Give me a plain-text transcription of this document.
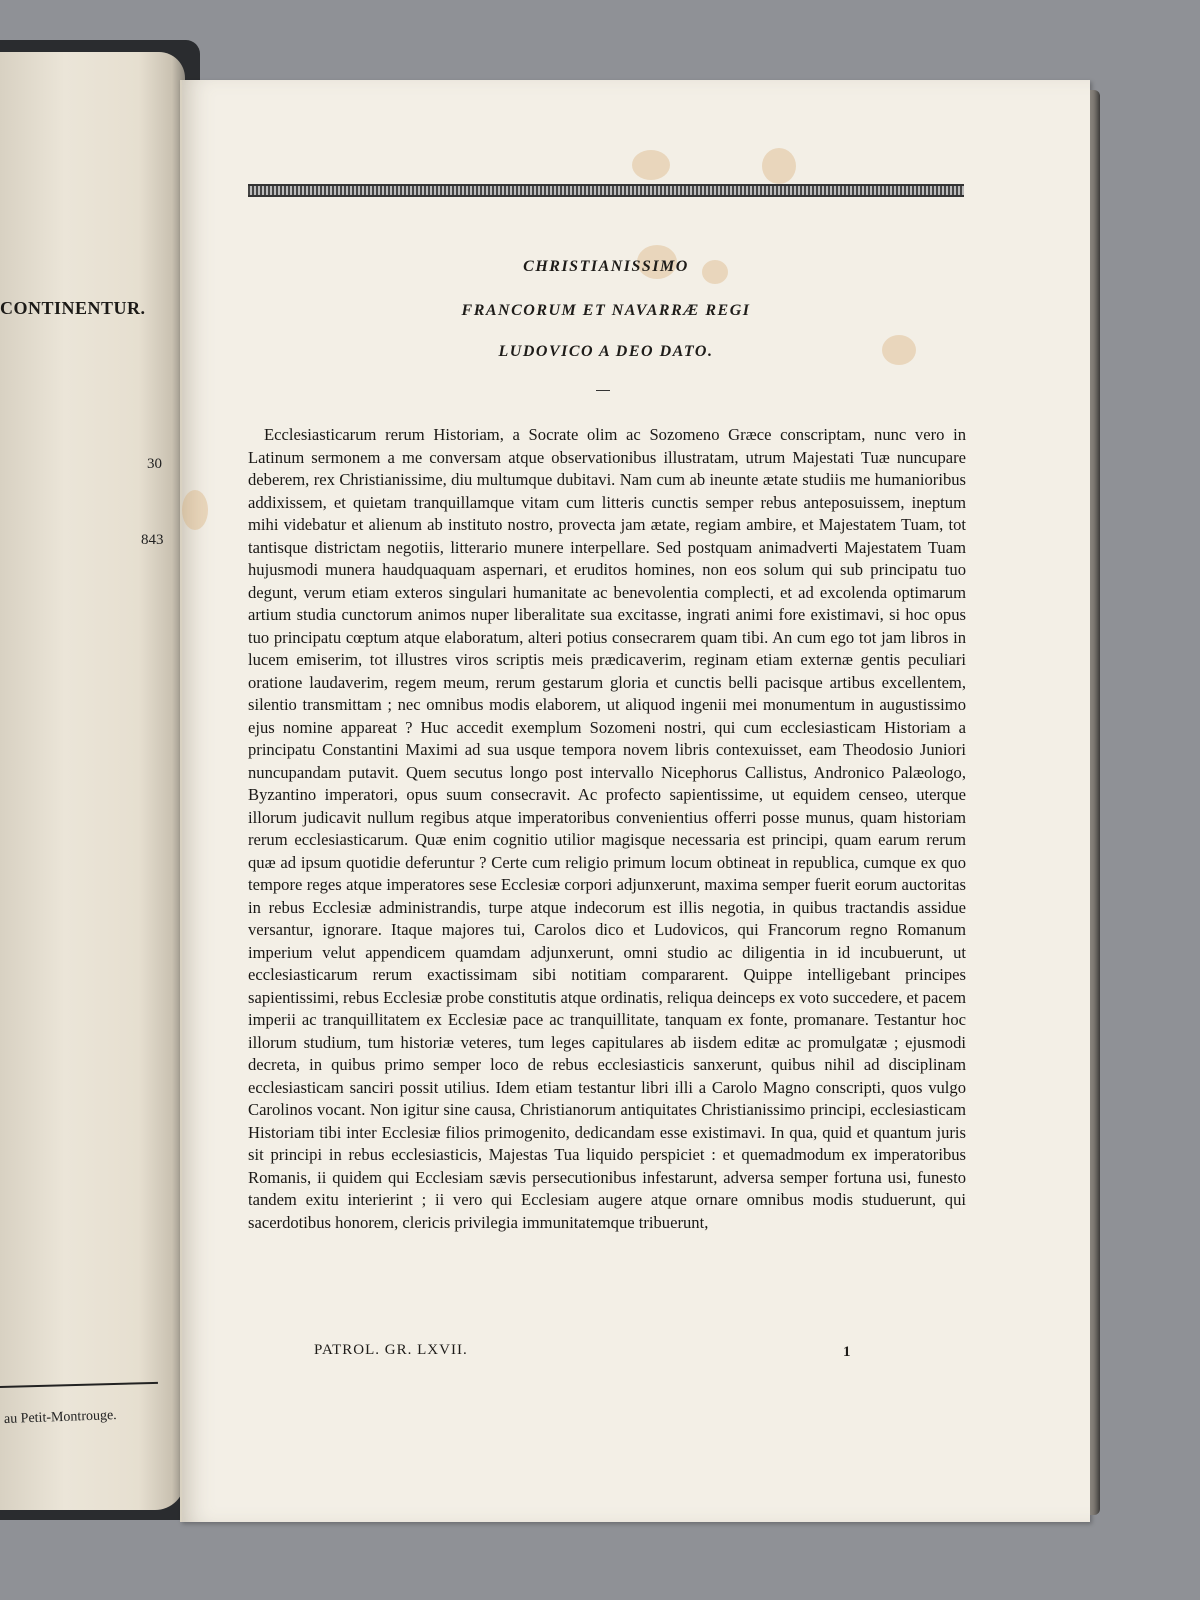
CONTINENTUR.
30
843
au Petit-Montrouge.
CHRISTIANISSIMO
FRANCORUM ET NAVARRÆ REGI
LUDOVICO A DEO DATO.

Ecclesiasticarum rerum Historiam, a Socrate olim ac Sozomeno Græce conscriptam, nunc vero in Latinum sermonem a me conversam atque observationibus illustratam, utrum Majestati Tuæ nuncupare deberem, rex Christianissime, diu multumque dubitavi. Nam cum ab ineunte ætate studiis me humanioribus addixissem, et quietam tranquillamque vitam cum litteris cunctis semper rebus anteposuissem, ineptum mihi videbatur et alienum ab instituto nostro, provecta jam ætate, regiam ambire, et Majestatem Tuam, tot tantisque districtam negotiis, litterario munere interpellare. Sed postquam animadverti Majestatem Tuam hujusmodi munera haudquaquam aspernari, et eruditos homines, non eos solum qui sub principatu tuo degunt, verum etiam exteros singulari humanitate ac benevolentia complecti, et ad excolenda optimarum artium studia cunctorum animos nuper liberalitate sua excitasse, ingrati animi fore existimavi, si hoc opus tuo principatu cœptum atque elaboratum, alteri potius consecrarem quam tibi. An cum ego tot jam libros in lucem emiserim, tot illustres viros scriptis meis prædicaverim, reginam etiam externæ gentis peculiari oratione laudaverim, regem meum, rerum gestarum gloria et cunctis belli pacisque artibus excellentem, silentio transmittam ; nec omnibus modis elaborem, ut aliquod ingenii mei monumentum in augustissimo ejus nomine appareat ? Huc accedit exemplum Sozomeni nostri, qui cum ecclesiasticam Historiam a principatu Constantini Maximi ad sua usque tempora novem libris contexuisset, eam Theodosio Juniori nuncupandam putavit. Quem secutus longo post intervallo Nicephorus Callistus, Andronico Palæologo, Byzantino imperatori, opus suum consecravit. Ac profecto sapientissime, ut equidem censeo, uterque illorum judicavit nullum regibus atque imperatoribus convenientius offerri posse munus, quam historiam rerum ecclesiasticarum. Quæ enim cognitio utilior magisque necessaria est principi, quam earum rerum quæ ad ipsum quotidie deferuntur ? Certe cum religio primum locum obtineat in republica, cumque ex quo tempore reges atque imperatores sese Ecclesiæ corpori adjunxerunt, maxima semper fuerit eorum auctoritas in rebus Ecclesiæ administrandis, turpe atque indecorum est illis negotia, in quibus tractandis assidue versantur, ignorare. Itaque majores tui, Carolos dico et Ludovicos, qui Francorum regno Romanum imperium velut appendicem quamdam adjunxerunt, omni studio ac diligentia in id incubuerunt, ut ecclesiasticarum rerum exactissimam sibi notitiam compararent. Quippe intelligebant principes sapientissimi, rebus Ecclesiæ probe constitutis atque ordinatis, reliqua deinceps ex voto succedere, et pacem imperii ac tranquillitatem ex Ecclesiæ pace ac tranquillitate, tanquam ex fonte, promanare. Testantur hoc illorum studium, tum historiæ veteres, tum leges capitulares ab iisdem editæ ac promulgatæ ; ejusmodi decreta, in quibus primo semper loco de rebus ecclesiasticis sanxerunt, quibus nihil ad disciplinam ecclesiasticam sanciri possit utilius. Idem etiam testantur libri illi a Carolo Magno conscripti, quos vulgo Carolinos vocant. Non igitur sine causa, Christianorum antiquitates Christianissimo principi, ecclesiasticam Historiam tibi inter Ecclesiæ filios primogenito, dedicandam esse existimavi. In qua, quid et quantum juris sit principi in rebus ecclesiasticis, Majestas Tua liquido perspiciet : et quemadmodum ex imperatoribus Romanis, ii quidem qui Ecclesiam sævis persecutionibus infestarunt, adversa semper fortuna usi, funesto tandem exitu interierint ; ii vero qui Ecclesiam augere atque ornare omnibus modis studuerunt, qui sacerdotibus honorem, clericis privilegia immunitatemque tribuerunt,

PATROL. GR. LXVII.	1
